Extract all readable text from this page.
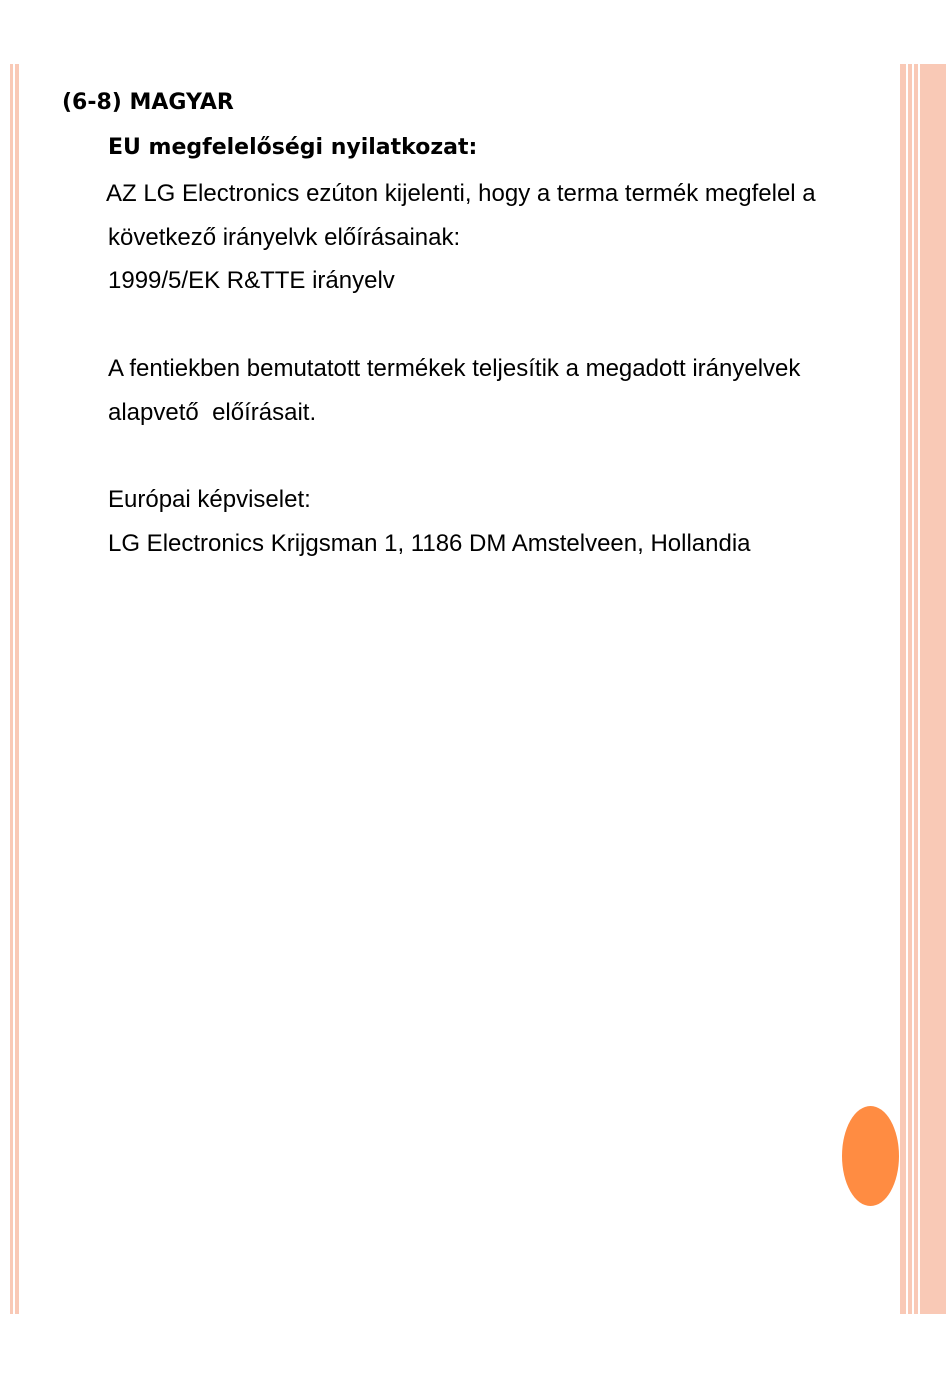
(6-8) MAGYAR
EU megfelelőségi nyilatkozat:
AZ LG Electronics ezúton kijelenti, hogy a terma termék megfelel a
következő irányelvk előírásainak:
1999/5/EK R&TTE irányelv
A fentiekben bemutatott termékek teljesítik a megadott irányelvek
alapvető  előírásait.
Európai képviselet:
LG Electronics Krijgsman 1, 1186 DM Amstelveen, Hollandia
